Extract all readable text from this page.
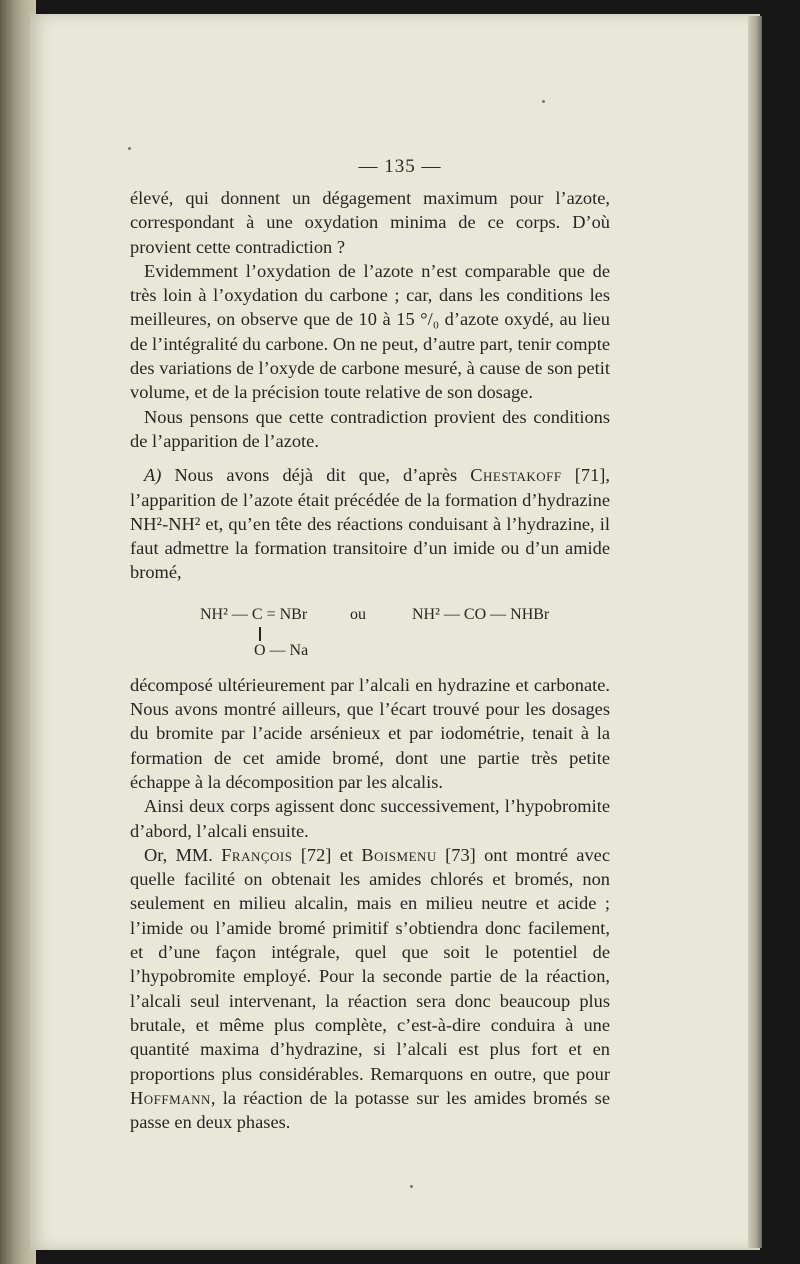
— 135 —

élevé, qui donnent un dégagement maximum pour l’azote, correspondant à une oxydation minima de ce corps. D’où provient cette contradiction ?

Evidemment l’oxydation de l’azote n’est comparable que de très loin à l’oxydation du carbone ; car, dans les conditions les meilleures, on observe que de 10 à 15 °/₀ d’azote oxydé, au lieu de l’intégralité du carbone. On ne peut, d’autre part, tenir compte des variations de l’oxyde de carbone mesuré, à cause de son petit volume, et de la précision toute relative de son dosage.

Nous pensons que cette contradiction provient des conditions de l’apparition de l’azote.

A) Nous avons déjà dit que, d’après Chestakoff [71], l’apparition de l’azote était précédée de la formation d’hydrazine NH²-NH² et, qu’en tête des réactions conduisant à l’hydrazine, il faut admettre la formation transitoire d’un imide ou d’un amide bromé,

NH² — C = NBr	ou	NH² — CO — NHBr
O — Na

décomposé ultérieurement par l’alcali en hydrazine et carbonate. Nous avons montré ailleurs, que l’écart trouvé pour les dosages du bromite par l’acide arsénieux et par iodométrie, tenait à la formation de cet amide bromé, dont une partie très petite échappe à la décomposition par les alcalis.

Ainsi deux corps agissent donc successivement, l’hypobromite d’abord, l’alcali ensuite.

Or, MM. François [72] et Boismenu [73] ont montré avec quelle facilité on obtenait les amides chlorés et bromés, non seulement en milieu alcalin, mais en milieu neutre et acide ; l’imide ou l’amide bromé primitif s’obtiendra donc facilement, et d’une façon intégrale, quel que soit le potentiel de l’hypobromite employé. Pour la seconde partie de la réaction, l’alcali seul intervenant, la réaction sera donc beaucoup plus brutale, et même plus complète, c’est-à-dire conduira à une quantité maxima d’hydrazine, si l’alcali est plus fort et en proportions plus considérables. Remarquons en outre, que pour Hoffmann, la réaction de la potasse sur les amides bromés se passe en deux phases.
